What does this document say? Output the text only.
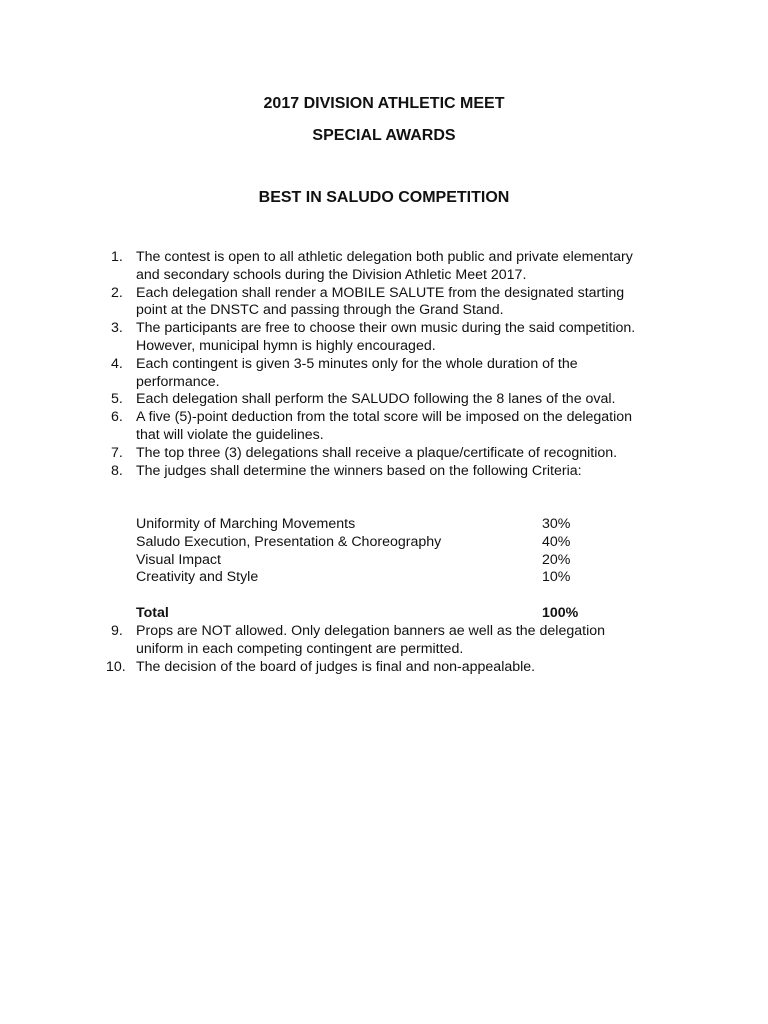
2017 DIVISION ATHLETIC MEET
SPECIAL AWARDS
BEST IN SALUDO COMPETITION
1. The contest is open to all athletic delegation both public and private elementary
and secondary schools during the Division Athletic Meet 2017.
2. Each delegation shall render a MOBILE SALUTE from the designated starting
point at the DNSTC and passing through the Grand Stand.
3. The participants are free to choose their own music during the said competition.
However, municipal hymn is highly encouraged.
4. Each contingent is given 3-5 minutes only for the whole duration of the
performance.
5. Each delegation shall perform the SALUDO following the 8 lanes of the oval.
6. A five (5)-point deduction from the total score will be imposed on the delegation
that will violate the guidelines.
7. The top three (3) delegations shall receive a plaque/certificate of recognition.
8. The judges shall determine the winners based on the following Criteria:
Uniformity of Marching Movements	30%
Saludo Execution, Presentation & Choreography	40%
Visual Impact	20%
Creativity and Style	10%
Total	100%
9. Props are NOT allowed. Only delegation banners ae well as the delegation
uniform in each competing contingent are permitted.
10. The decision of the board of judges is final and non-appealable.
